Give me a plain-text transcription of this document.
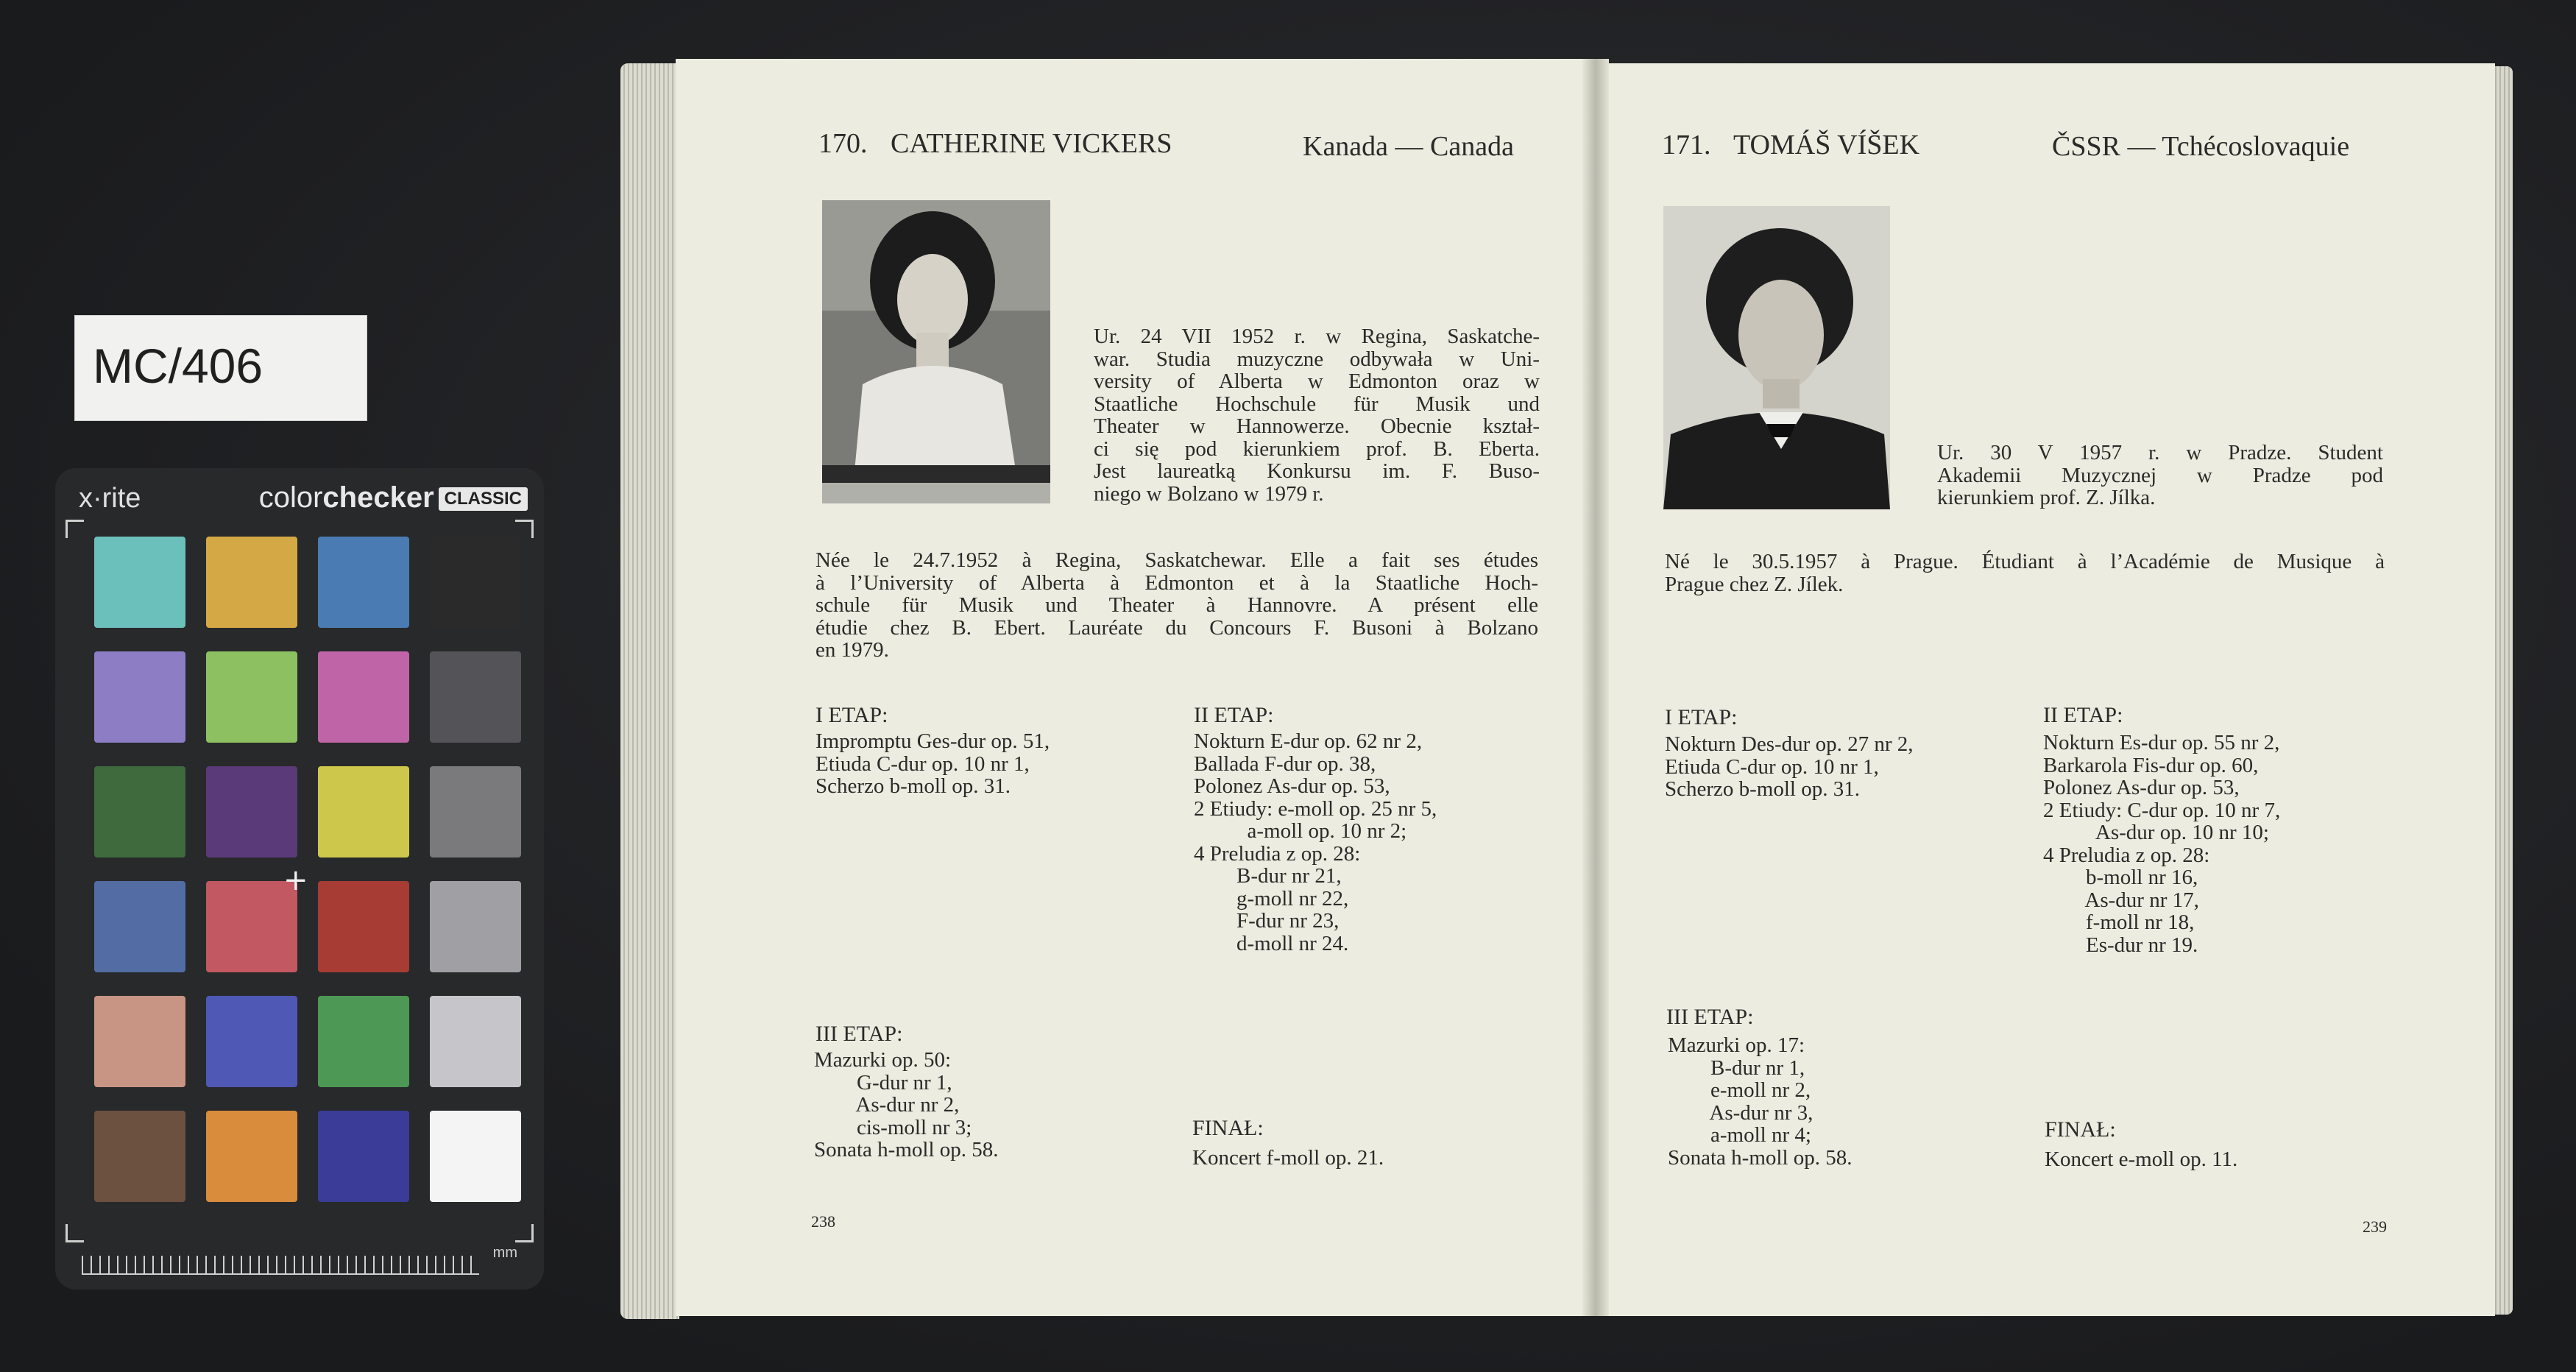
MC/406
x·rite	colorchecker CLASSIC
+
mm
170. CATHERINE VICKERS	Kanada — Canada
Ur. 24 VII 1952 r. w Regina, Saskatche-
war. Studia muzyczne odbywała w Uni-
versity of Alberta w Edmonton oraz w
Staatliche Hochschule für Musik und
Theater w Hannowerze. Obecnie kształ-
ci się pod kierunkiem prof. B. Eberta.
Jest laureatką Konkursu im. F. Buso-
niego w Bolzano w 1979 r.
Née le 24.7.1952 à Regina, Saskatchewar. Elle a fait ses études
à l’University of Alberta à Edmonton et à la Staatliche Hoch-
schule für Musik und Theater à Hannovre. A présent elle
étudie chez B. Ebert. Lauréate du Concours F. Busoni à Bolzano
en 1979.
I ETAP:
Impromptu Ges-dur op. 51,
Etiuda C-dur op. 10 nr 1,
Scherzo b-moll op. 31.
II ETAP:
Nokturn E-dur op. 62 nr 2,
Ballada F-dur op. 38,
Polonez As-dur op. 53,
2 Etiudy: e-moll op. 25 nr 5,
a-moll op. 10 nr 2;
4 Preludia z op. 28:
B-dur nr 21,
g-moll nr 22,
F-dur nr 23,
d-moll nr 24.
III ETAP:
Mazurki op. 50:
G-dur nr 1,
As-dur nr 2,
cis-moll nr 3;
Sonata h-moll op. 58.
FINAŁ:
Koncert f-moll op. 21.
238
171. TOMÁŠ VÍŠEK	ČSSR — Tchécoslovaquie
Ur. 30 V 1957 r. w Pradze. Student
Akademii Muzycznej w Pradze pod
kierunkiem prof. Z. Jílka.
Né le 30.5.1957 à Prague. Étudiant à l’Académie de Musique à
Prague chez Z. Jílek.
I ETAP:
Nokturn Des-dur op. 27 nr 2,
Etiuda C-dur op. 10 nr 1,
Scherzo b-moll op. 31.
II ETAP:
Nokturn Es-dur op. 55 nr 2,
Barkarola Fis-dur op. 60,
Polonez As-dur op. 53,
2 Etiudy: C-dur op. 10 nr 7,
As-dur op. 10 nr 10;
4 Preludia z op. 28:
b-moll nr 16,
As-dur nr 17,
f-moll nr 18,
Es-dur nr 19.
III ETAP:
Mazurki op. 17:
B-dur nr 1,
e-moll nr 2,
As-dur nr 3,
a-moll nr 4;
Sonata h-moll op. 58.
FINAŁ:
Koncert e-moll op. 11.
239
